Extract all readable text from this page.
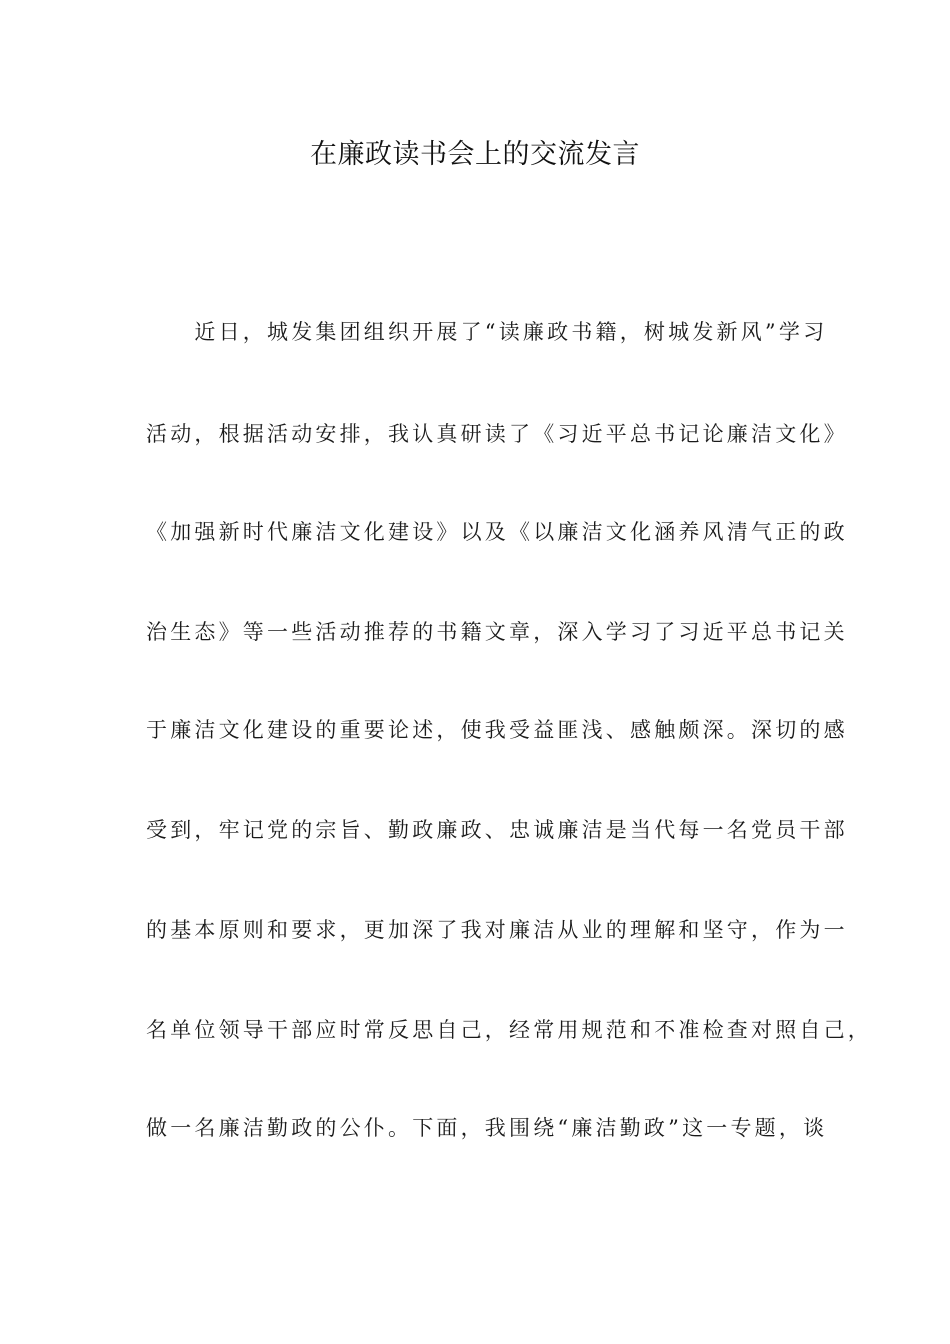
在廉政读书会上的交流发言
　　近日，城发集团组织开展了“读廉政书籍，树城发新风”学习
活动，根据活动安排，我认真研读了《习近平总书记论廉洁文化》
《加强新时代廉洁文化建设》以及《以廉洁文化涵养风清气正的政
治生态》等一些活动推荐的书籍文章，深入学习了习近平总书记关
于廉洁文化建设的重要论述，使我受益匪浅、感触颇深。深切的感
受到，牢记党的宗旨、勤政廉政、忠诚廉洁是当代每一名党员干部
的基本原则和要求，更加深了我对廉洁从业的理解和坚守，作为一
名单位领导干部应时常反思自己，经常用规范和不准检查对照自己，
做一名廉洁勤政的公仆。下面，我围绕“廉洁勤政”这一专题，谈
